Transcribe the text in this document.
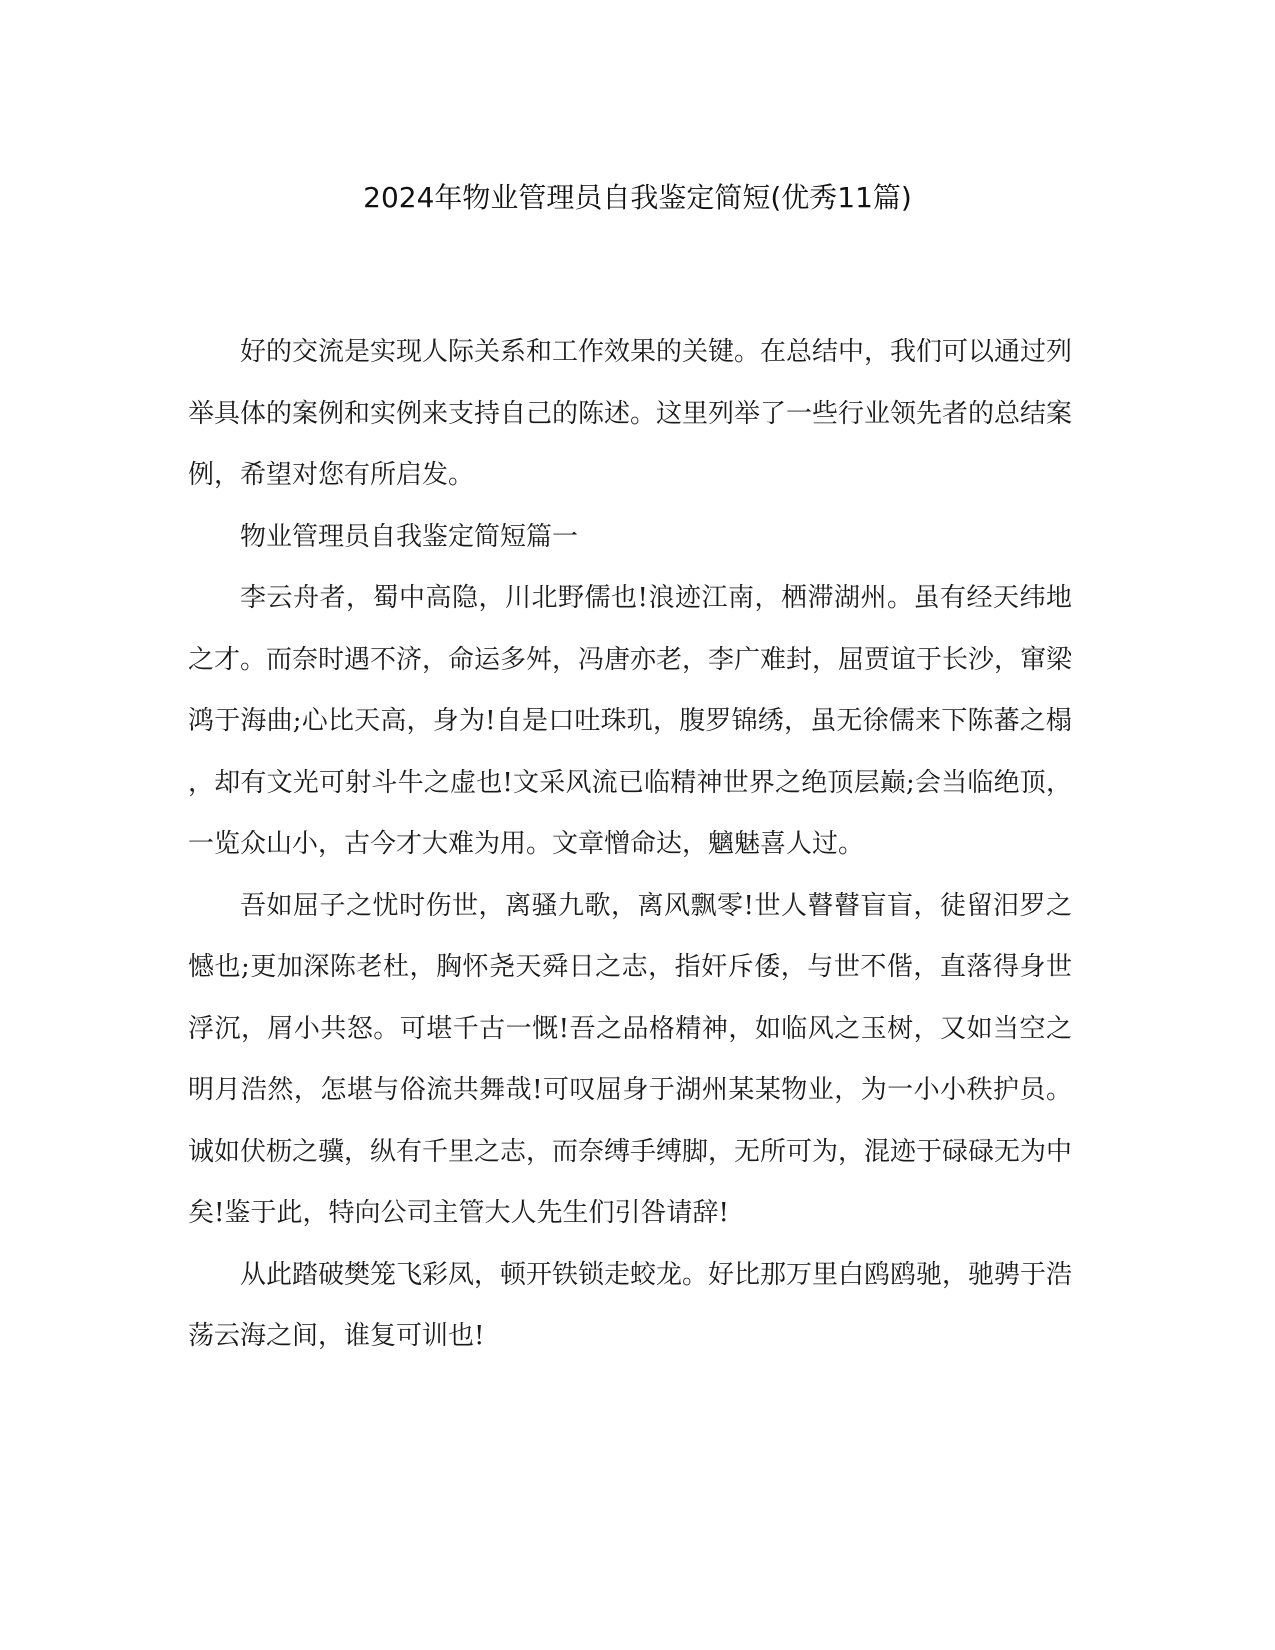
2024年物业管理员自我鉴定简短(优秀11篇)

好的交流是实现人际关系和工作效果的关键。在总结中，我们可以通过列举具体的案例和实例来支持自己的陈述。这里列举了一些行业领先者的总结案例，希望对您有所启发。

物业管理员自我鉴定简短篇一

李云舟者，蜀中高隐，川北野儒也!浪迹江南，栖滞湖州。虽有经天纬地之才。而奈时遇不济，命运多舛，冯唐亦老，李广难封，屈贾谊于长沙，窜梁鸿于海曲;心比天高，身为!自是口吐珠玑，腹罗锦绣，虽无徐儒来下陈蕃之榻，却有文光可射斗牛之虚也!文采风流已临精神世界之绝顶层巅;会当临绝顶，一览众山小，古今才大难为用。文章憎命达，魑魅喜人过。

吾如屈子之忧时伤世，离骚九歌，离风飘零!世人瞽瞽盲盲，徒留汨罗之憾也;更加深陈老杜，胸怀尧天舜日之志，指奸斥倭，与世不偕，直落得身世浮沉，屑小共怒。可堪千古一慨!吾之品格精神，如临风之玉树，又如当空之明月浩然，怎堪与俗流共舞哉!可叹屈身于湖州某某物业，为一小小秩护员。诚如伏枥之骥，纵有千里之志，而奈缚手缚脚，无所可为，混迹于碌碌无为中矣!鉴于此，特向公司主管大人先生们引咎请辞!

从此踏破樊笼飞彩凤，顿开铁锁走蛟龙。好比那万里白鸥鸥驰，驰骋于浩荡云海之间，谁复可训也!
